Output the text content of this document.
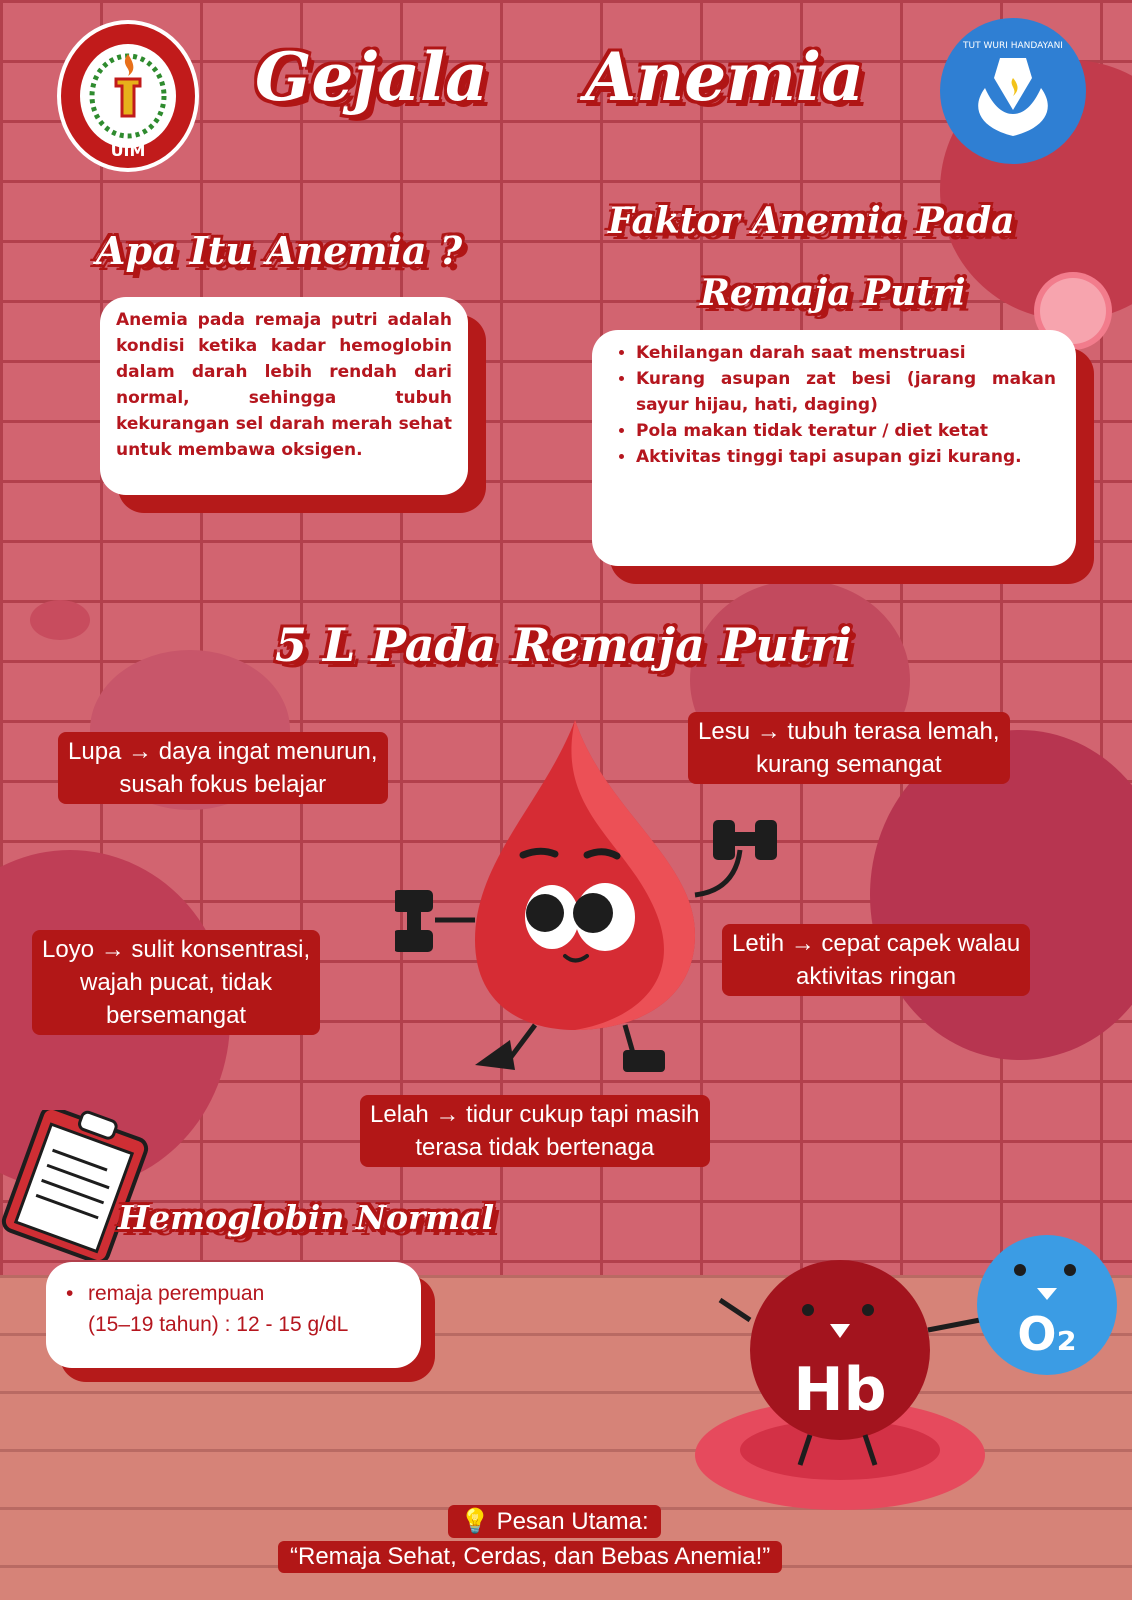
UIM
TUT WURI HANDAYANI
Gejala Anemia
Apa Itu Anemia ?
Anemia pada remaja putri adalah kondisi ketika kadar hemoglobin dalam darah lebih rendah dari normal, sehingga tubuh kekurangan sel darah merah sehat untuk membawa oksigen.
Faktor Anemia Pada
Remaja Putri
• Kehilangan darah saat menstruasi
• Kurang asupan zat besi (jarang makan sayur hijau, hati, daging)
• Pola makan tidak teratur / diet ketat
• Aktivitas tinggi tapi asupan gizi kurang.
5 L Pada Remaja Putri
Lupa → daya ingat menurun,
susah fokus belajar
Lesu → tubuh terasa lemah,
kurang semangat
Loyo → sulit konsentrasi,
wajah pucat, tidak
bersemangat
Letih → cepat capek walau
aktivitas ringan
Lelah → tidur cukup tapi masih
terasa tidak bertenaga
Hemoglobin Normal
• remaja perempuan
(15–19 tahun) : 12 - 15 g/dL
Hb
O₂
💡 Pesan Utama:
“Remaja Sehat, Cerdas, dan Bebas Anemia!”
